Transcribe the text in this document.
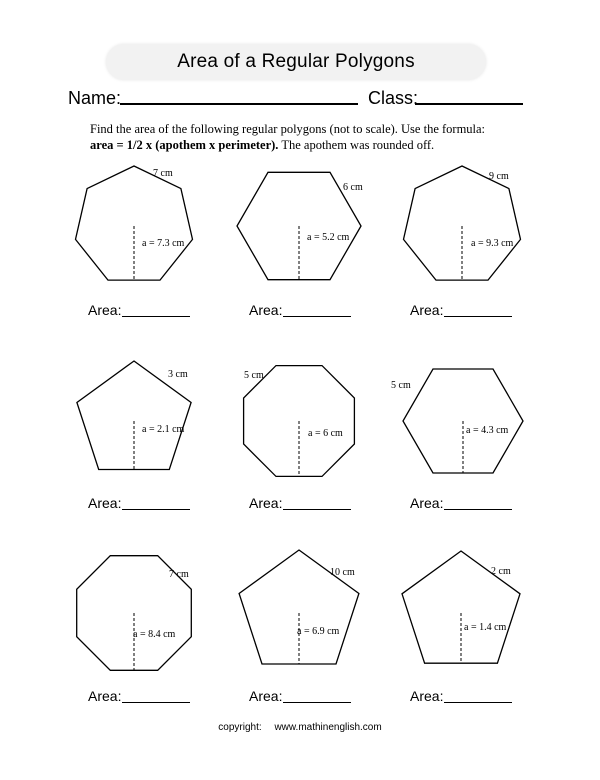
Area of a Regular Polygons
Name:	Class:
Find the area of the following regular polygons (not to scale). Use the formula:
area = 1/2 x (apothem x perimeter). The apothem was rounded off.
Area:	Area:	Area:
Area:	Area:	Area:
Area:	Area:	Area:
copyright: www.mathinenglish.com
7 cm
a = 7.3 cm
6 cm
a = 5.2 cm
9 cm
a = 9.3 cm
3 cm
a = 2.1 cm
5 cm
a = 6 cm
5 cm
a = 4.3 cm
7 cm
a = 8.4 cm
10 cm
a = 6.9 cm
2 cm
a = 1.4 cm
